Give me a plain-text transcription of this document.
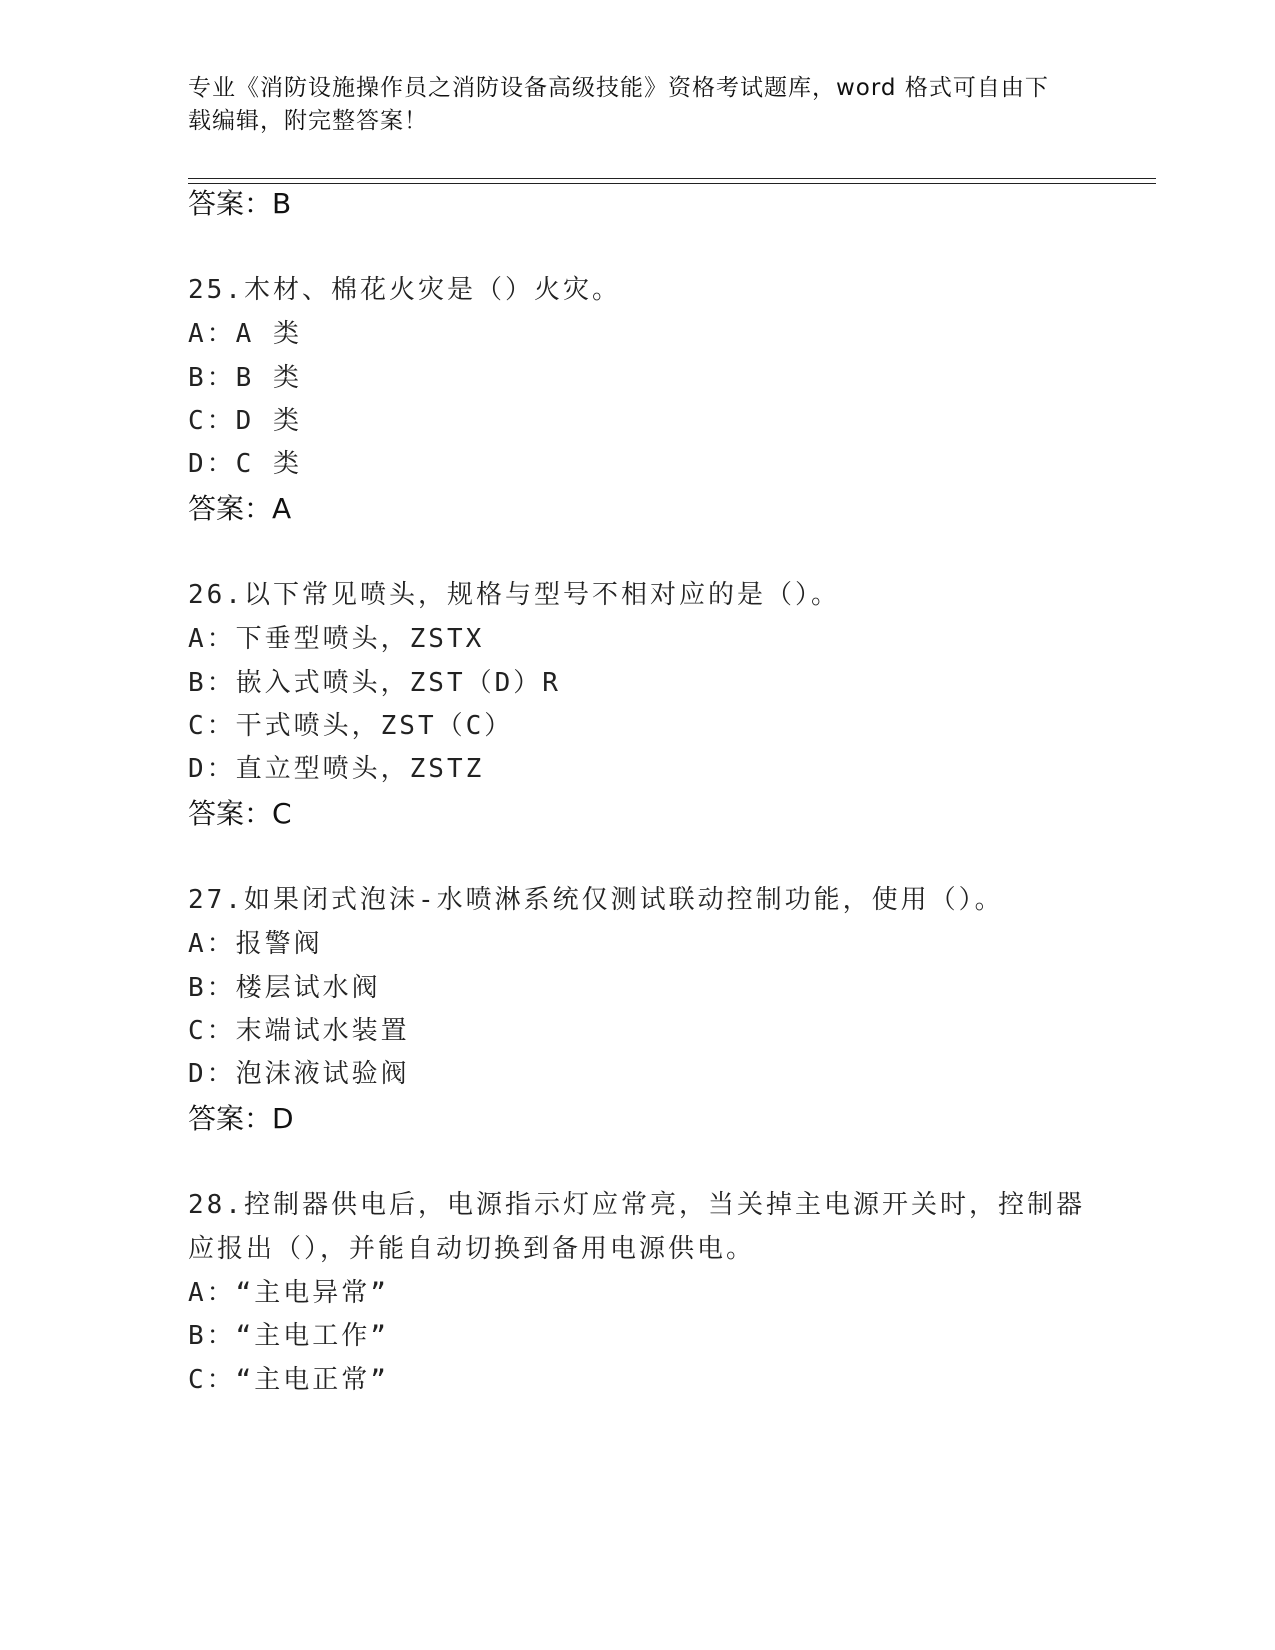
专业《消防设施操作员之消防设备高级技能》资格考试题库，word 格式可自由下
载编辑，附完整答案！
答案：B
25.木材、棉花火灾是（）火灾。
A：A 类
B：B 类
C：D 类
D：C 类
答案：A
26.以下常见喷头，规格与型号不相对应的是（）。
A：下垂型喷头，ZSTX
B：嵌入式喷头，ZST（D）R
C：干式喷头，ZST（C）
D：直立型喷头，ZSTZ
答案：C
27.如果闭式泡沫-水喷淋系统仅测试联动控制功能，使用（）。
A：报警阀
B：楼层试水阀
C：末端试水装置
D：泡沫液试验阀
答案：D
28.控制器供电后，电源指示灯应常亮，当关掉主电源开关时，控制器
应报出（），并能自动切换到备用电源供电。
A：“主电异常”
B：“主电工作”
C：“主电正常”
